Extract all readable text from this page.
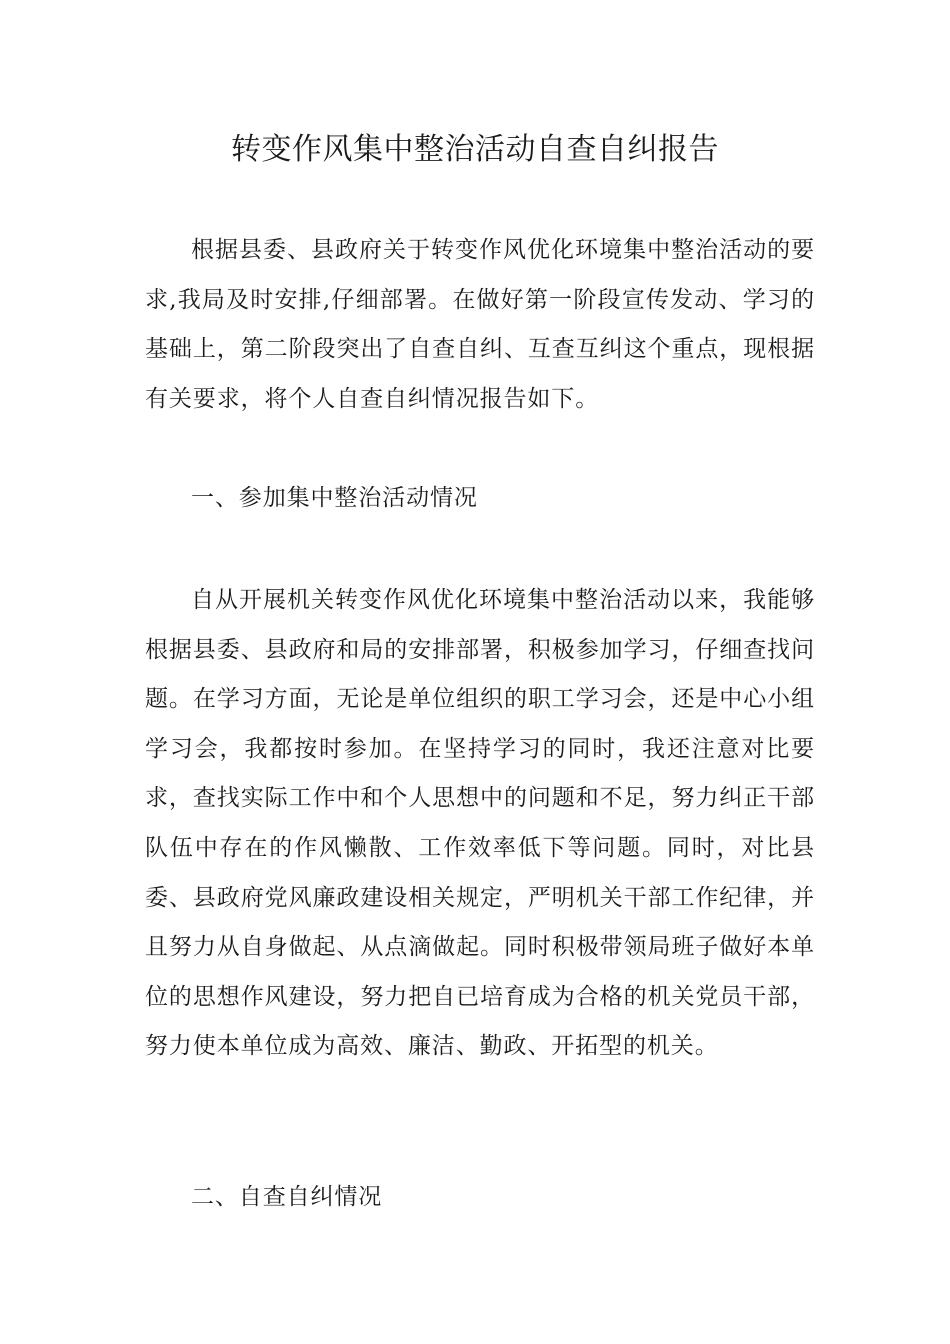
转变作风集中整治活动自查自纠报告

根据县委、县政府关于转变作风优化环境集中整治活动的要求,我局及时安排,仔细部署。在做好第一阶段宣传发动、学习的基础上，第二阶段突出了自查自纠、互查互纠这个重点，现根据有关要求，将个人自查自纠情况报告如下。

一、参加集中整治活动情况

自从开展机关转变作风优化环境集中整治活动以来，我能够根据县委、县政府和局的安排部署，积极参加学习，仔细查找问题。在学习方面，无论是单位组织的职工学习会，还是中心小组学习会，我都按时参加。在坚持学习的同时，我还注意对比要求，查找实际工作中和个人思想中的问题和不足，努力纠正干部队伍中存在的作风懒散、工作效率低下等问题。同时，对比县委、县政府党风廉政建设相关规定，严明机关干部工作纪律，并且努力从自身做起、从点滴做起。同时积极带领局班子做好本单位的思想作风建设，努力把自已培育成为合格的机关党员干部，努力使本单位成为高效、廉洁、勤政、开拓型的机关。

二、自查自纠情况
